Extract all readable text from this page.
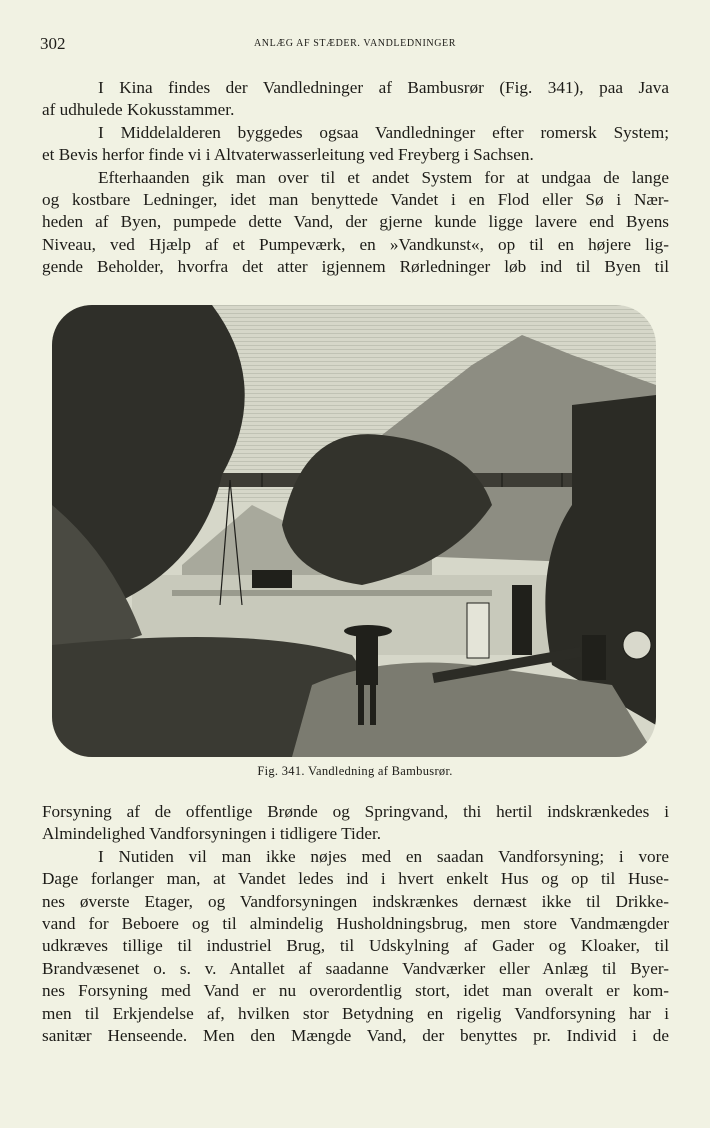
302	ANLÆG AF STÆDER. VANDLEDNINGER
I Kina findes der Vandledninger af Bambusrør (Fig. 341), paa Java
af udhulede Kokusstammer.
I Middelalderen byggedes ogsaa Vandledninger efter romersk System;
et Bevis herfor finde vi i Altvaterwasserleitung ved Freyberg i Sachsen.
Efterhaanden gik man over til et andet System for at undgaa de lange
og kostbare Ledninger, idet man benyttede Vandet i en Flod eller Sø i Nær-
heden af Byen, pumpede dette Vand, der gjerne kunde ligge lavere end Byens
Niveau, ved Hjælp af et Pumpeværk, en »Vandkunst«, op til en højere lig-
gende Beholder, hvorfra det atter igjennem Rørledninger løb ind til Byen til
Fig. 341. Vandledning af Bambusrør.
Forsyning af de offentlige Brønde og Springvand, thi hertil indskrænkedes i
Almindelighed Vandforsyningen i tidligere Tider.
I Nutiden vil man ikke nøjes med en saadan Vandforsyning; i vore
Dage forlanger man, at Vandet ledes ind i hvert enkelt Hus og op til Huse-
nes øverste Etager, og Vandforsyningen indskrænkes dernæst ikke til Drikke-
vand for Beboere og til almindelig Husholdningsbrug, men store Vandmængder
udkræves tillige til industriel Brug, til Udskylning af Gader og Kloaker, til
Brandvæsenet o. s. v. Antallet af saadanne Vandværker eller Anlæg til Byer-
nes Forsyning med Vand er nu overordentlig stort, idet man overalt er kom-
men til Erkjendelse af, hvilken stor Betydning en rigelig Vandforsyning har i
sanitær Henseende. Men den Mængde Vand, der benyttes pr. Individ i de
